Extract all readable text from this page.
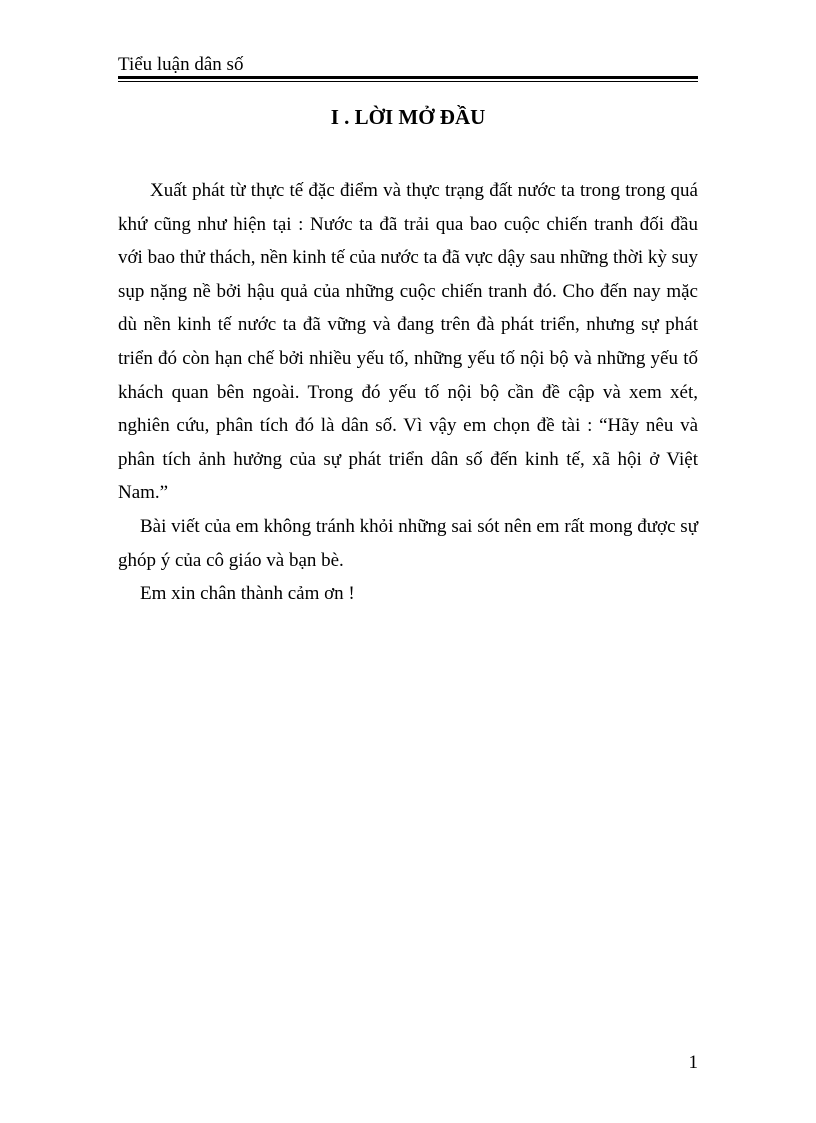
Tiểu luận dân số

I . LỜI MỞ ĐẦU

Xuất phát từ thực tế đặc điểm và thực trạng đất nước ta trong trong quá khứ cũng như hiện tại : Nước ta đã trải qua bao cuộc chiến tranh đối đầu với bao thử thách, nền kinh tế của nước ta đã vực dậy sau những thời kỳ suy sụp nặng nề bởi hậu quả của những cuộc chiến tranh đó. Cho đến nay mặc dù nền kinh tế nước ta đã vững và đang trên đà phát triển, nhưng sự phát triển đó còn hạn chế bởi nhiều yếu tố, những yếu tố nội bộ và những yếu tố khách quan bên ngoài. Trong đó yếu tố nội bộ cần đề cập và xem xét, nghiên cứu, phân tích đó là dân số. Vì vậy em chọn đề tài : “Hãy nêu và phân tích ảnh hưởng của sự phát triển dân số đến kinh tế, xã hội ở Việt Nam.”

Bài viết của em không tránh khỏi những sai sót nên em rất mong được sự ghóp ý của cô giáo và bạn bè.

Em xin chân thành cảm ơn !

1
